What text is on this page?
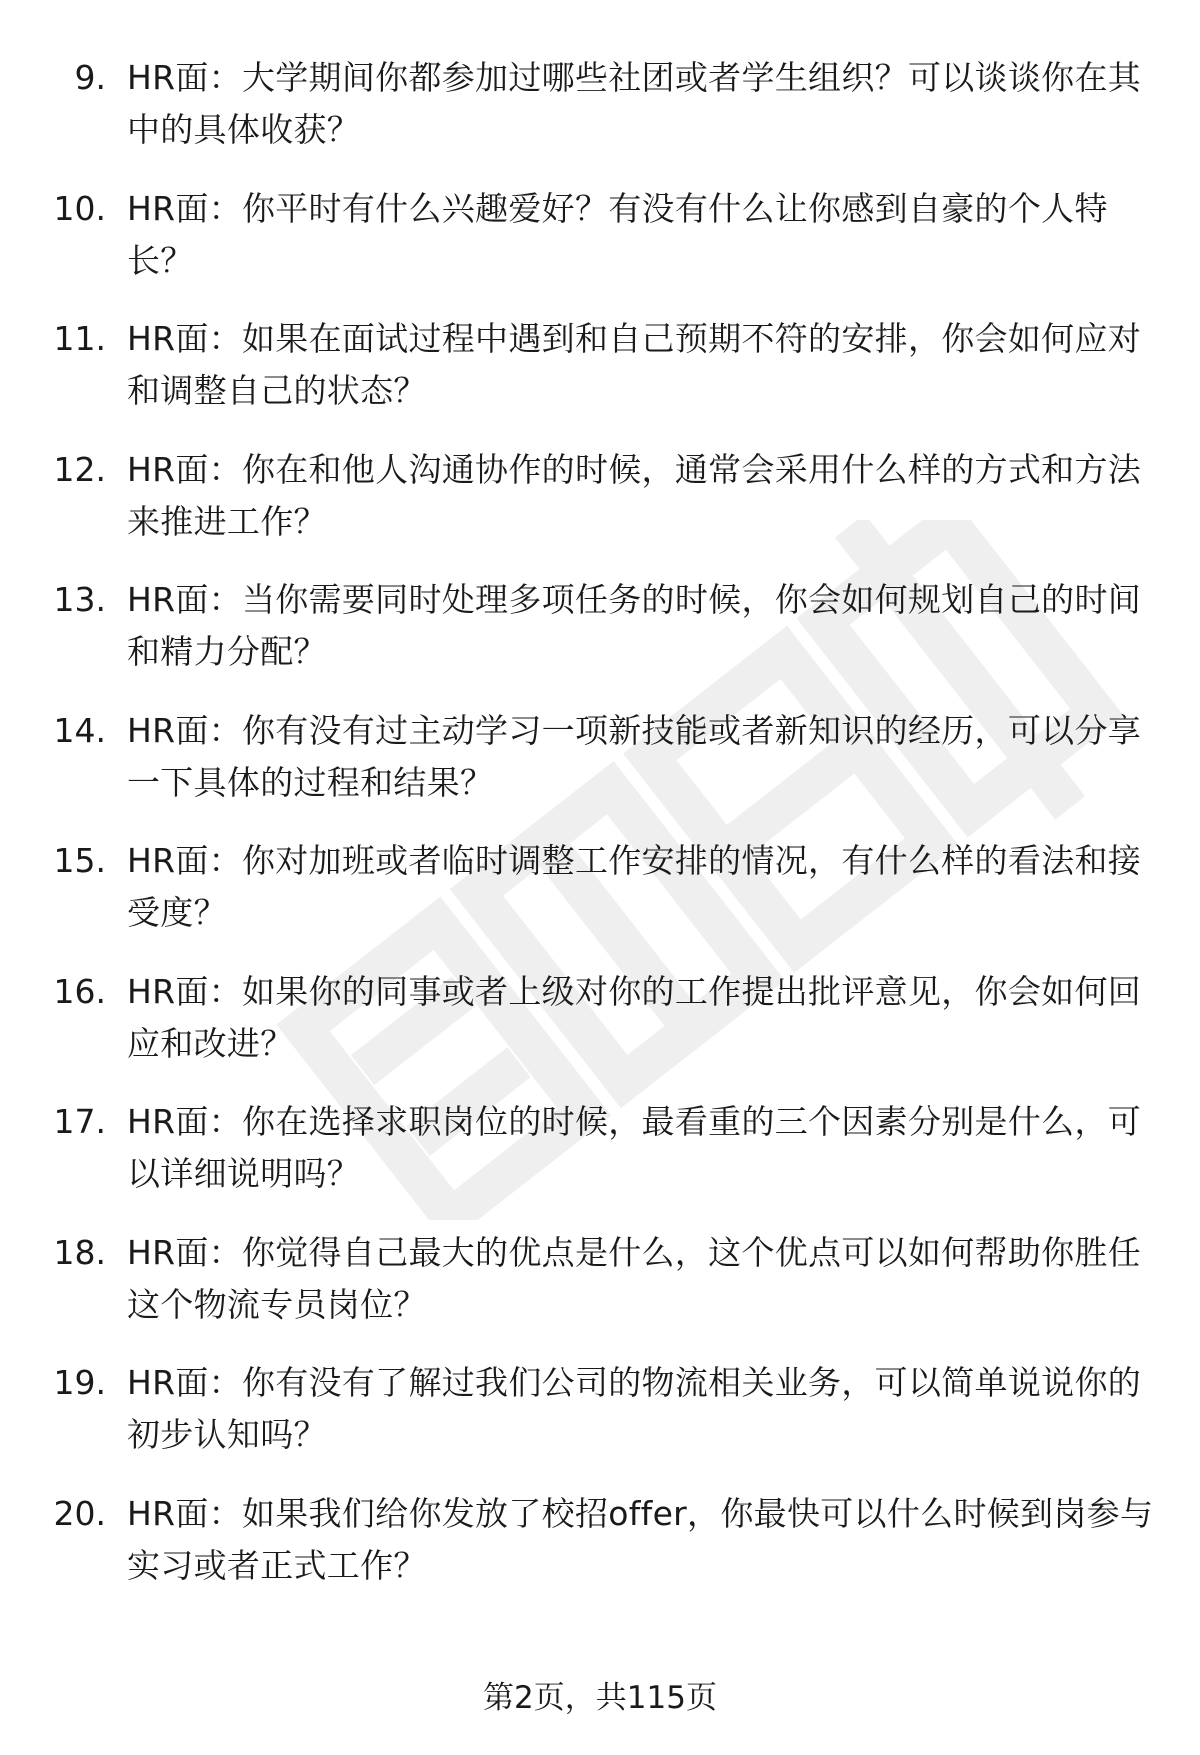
9. HR面：大学期间你都参加过哪些社团或者学生组织？可以谈谈你在其中的具体收获？
10. HR面：你平时有什么兴趣爱好？有没有什么让你感到自豪的个人特长？
11. HR面：如果在面试过程中遇到和自己预期不符的安排，你会如何应对和调整自己的状态？
12. HR面：你在和他人沟通协作的时候，通常会采用什么样的方式和方法来推进工作？
13. HR面：当你需要同时处理多项任务的时候，你会如何规划自己的时间和精力分配？
14. HR面：你有没有过主动学习一项新技能或者新知识的经历，可以分享一下具体的过程和结果？
15. HR面：你对加班或者临时调整工作安排的情况，有什么样的看法和接受度？
16. HR面：如果你的同事或者上级对你的工作提出批评意见，你会如何回应和改进？
17. HR面：你在选择求职岗位的时候，最看重的三个因素分别是什么，可以详细说明吗？
18. HR面：你觉得自己最大的优点是什么，这个优点可以如何帮助你胜任这个物流专员岗位？
19. HR面：你有没有了解过我们公司的物流相关业务，可以简单说说你的初步认知吗？
20. HR面：如果我们给你发放了校招offer，你最快可以什么时候到岗参与实习或者正式工作？
第2页，共115页
